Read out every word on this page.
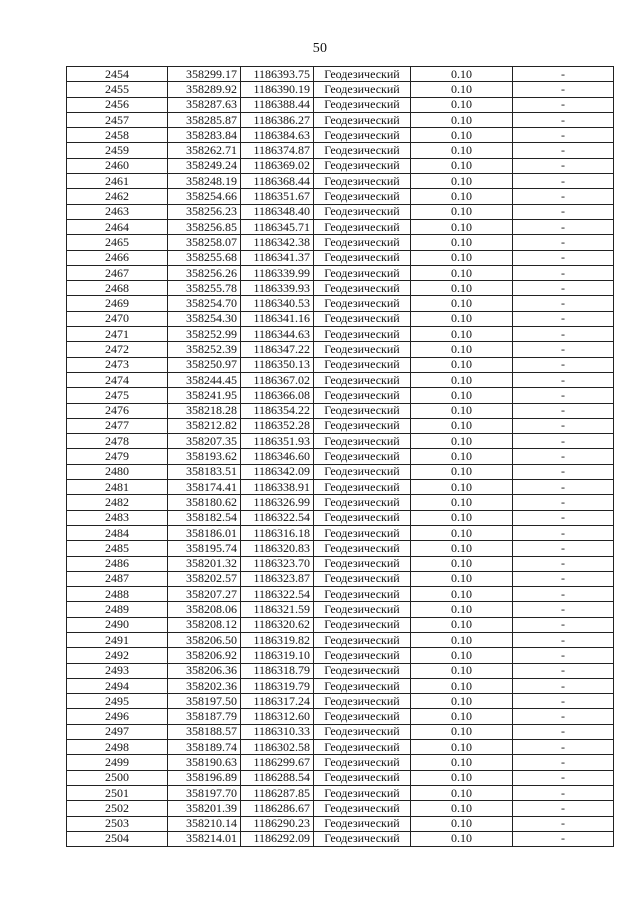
50
2454	358299.17	1186393.75	Геодезический	0.10	-
2455	358289.92	1186390.19	Геодезический	0.10	-
2456	358287.63	1186388.44	Геодезический	0.10	-
2457	358285.87	1186386.27	Геодезический	0.10	-
2458	358283.84	1186384.63	Геодезический	0.10	-
2459	358262.71	1186374.87	Геодезический	0.10	-
2460	358249.24	1186369.02	Геодезический	0.10	-
2461	358248.19	1186368.44	Геодезический	0.10	-
2462	358254.66	1186351.67	Геодезический	0.10	-
2463	358256.23	1186348.40	Геодезический	0.10	-
2464	358256.85	1186345.71	Геодезический	0.10	-
2465	358258.07	1186342.38	Геодезический	0.10	-
2466	358255.68	1186341.37	Геодезический	0.10	-
2467	358256.26	1186339.99	Геодезический	0.10	-
2468	358255.78	1186339.93	Геодезический	0.10	-
2469	358254.70	1186340.53	Геодезический	0.10	-
2470	358254.30	1186341.16	Геодезический	0.10	-
2471	358252.99	1186344.63	Геодезический	0.10	-
2472	358252.39	1186347.22	Геодезический	0.10	-
2473	358250.97	1186350.13	Геодезический	0.10	-
2474	358244.45	1186367.02	Геодезический	0.10	-
2475	358241.95	1186366.08	Геодезический	0.10	-
2476	358218.28	1186354.22	Геодезический	0.10	-
2477	358212.82	1186352.28	Геодезический	0.10	-
2478	358207.35	1186351.93	Геодезический	0.10	-
2479	358193.62	1186346.60	Геодезический	0.10	-
2480	358183.51	1186342.09	Геодезический	0.10	-
2481	358174.41	1186338.91	Геодезический	0.10	-
2482	358180.62	1186326.99	Геодезический	0.10	-
2483	358182.54	1186322.54	Геодезический	0.10	-
2484	358186.01	1186316.18	Геодезический	0.10	-
2485	358195.74	1186320.83	Геодезический	0.10	-
2486	358201.32	1186323.70	Геодезический	0.10	-
2487	358202.57	1186323.87	Геодезический	0.10	-
2488	358207.27	1186322.54	Геодезический	0.10	-
2489	358208.06	1186321.59	Геодезический	0.10	-
2490	358208.12	1186320.62	Геодезический	0.10	-
2491	358206.50	1186319.82	Геодезический	0.10	-
2492	358206.92	1186319.10	Геодезический	0.10	-
2493	358206.36	1186318.79	Геодезический	0.10	-
2494	358202.36	1186319.79	Геодезический	0.10	-
2495	358197.50	1186317.24	Геодезический	0.10	-
2496	358187.79	1186312.60	Геодезический	0.10	-
2497	358188.57	1186310.33	Геодезический	0.10	-
2498	358189.74	1186302.58	Геодезический	0.10	-
2499	358190.63	1186299.67	Геодезический	0.10	-
2500	358196.89	1186288.54	Геодезический	0.10	-
2501	358197.70	1186287.85	Геодезический	0.10	-
2502	358201.39	1186286.67	Геодезический	0.10	-
2503	358210.14	1186290.23	Геодезический	0.10	-
2504	358214.01	1186292.09	Геодезический	0.10	-
